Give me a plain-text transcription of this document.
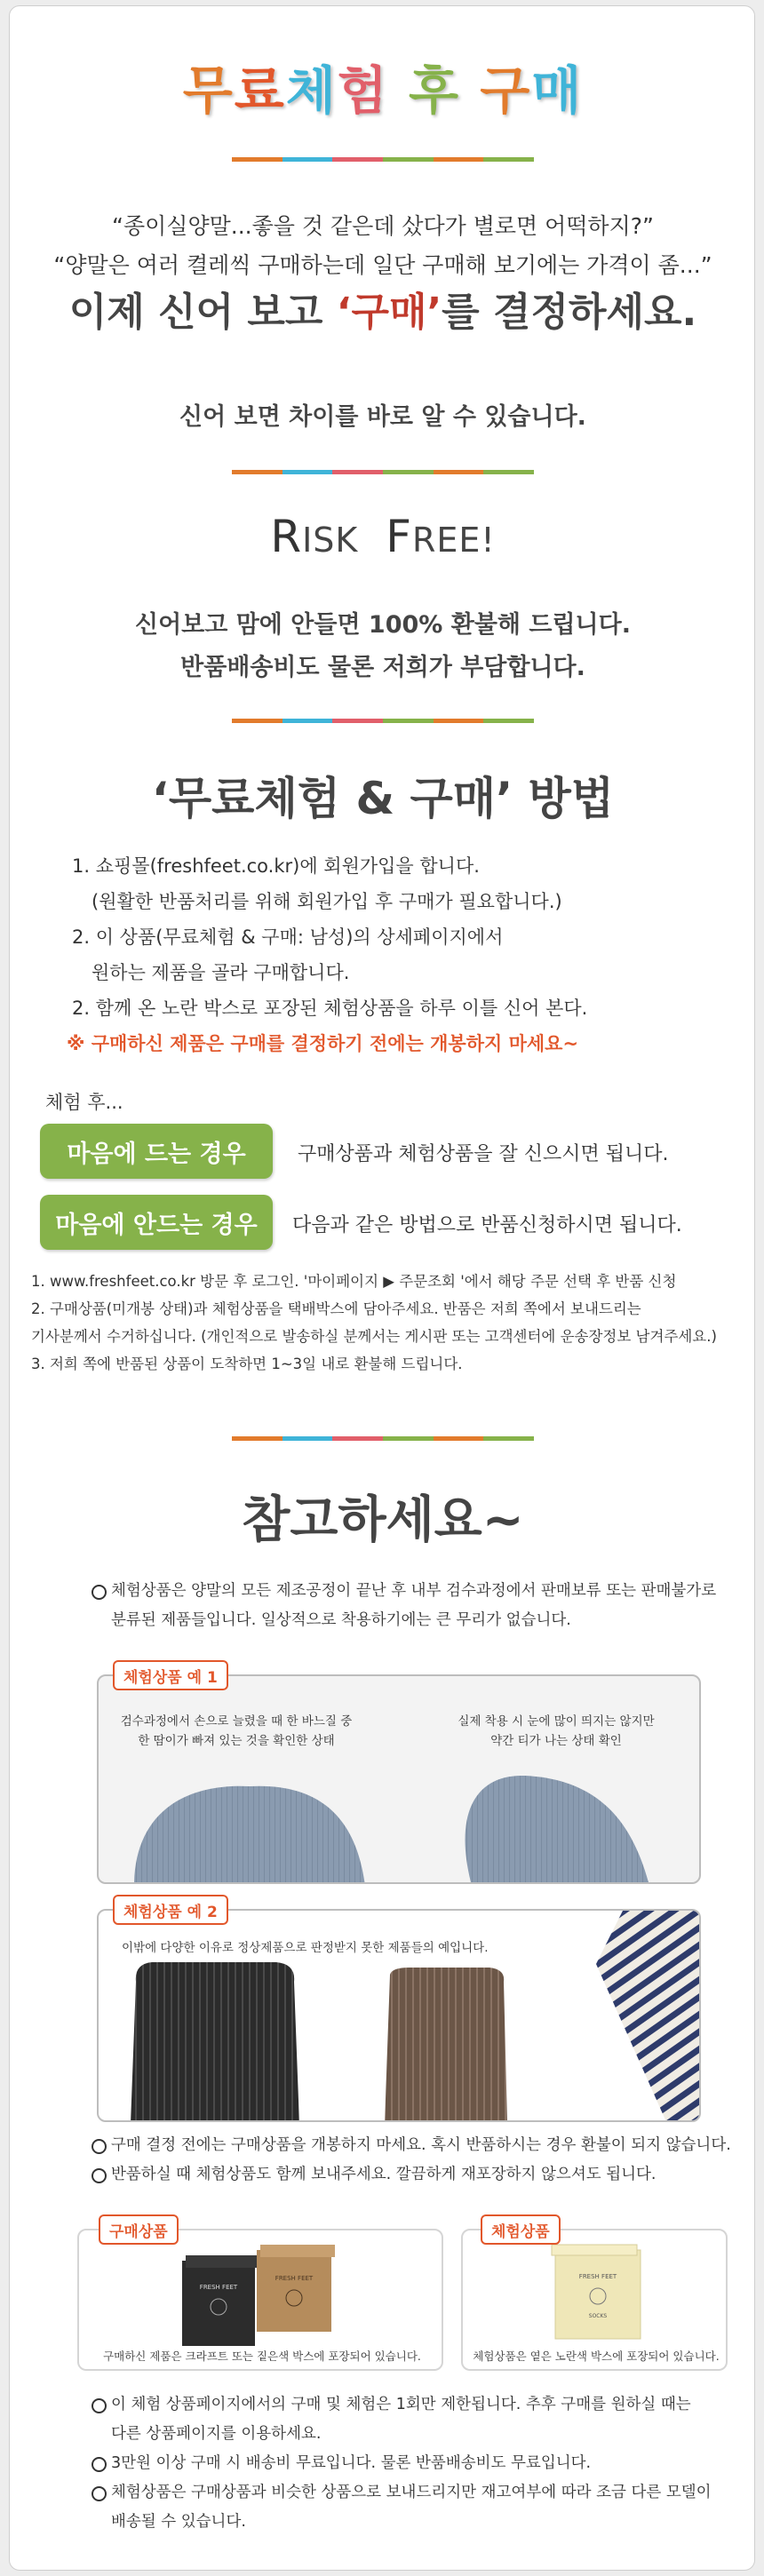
무료체험 후 구매
“종이실양말...좋을 것 같은데 샀다가 별로면 어떡하지?”
“양말은 여러 켤레씩 구매하는데 일단 구매해 보기에는 가격이 좀...”
이제 신어 보고 ‘구매’를 결정하세요.
신어 보면 차이를 바로 알 수 있습니다.
RISK FREE!
신어보고 맘에 안들면 100% 환불해 드립니다.
반품배송비도 물론 저희가 부담합니다.
‘무료체험 & 구매’ 방법
1. 쇼핑몰(freshfeet.co.kr)에 회원가입을 합니다.
(원활한 반품처리를 위해 회원가입 후 구매가 필요합니다.)
2. 이 상품(무료체험 & 구매: 남성)의 상세페이지에서
원하는 제품을 골라 구매합니다.
2. 함께 온 노란 박스로 포장된 체험상품을 하루 이틀 신어 본다.
※ 구매하신 제품은 구매를 결정하기 전에는 개봉하지 마세요~
체험 후...
마음에 드는 경우	구매상품과 체험상품을 잘 신으시면 됩니다.
마음에 안드는 경우	다음과 같은 방법으로 반품신청하시면 됩니다.
1. www.freshfeet.co.kr 방문 후 로그인. '마이페이지 ▶ 주문조회 '에서 해당 주문 선택 후 반품 신청
2. 구매상품(미개봉 상태)과 체험상품을 택배박스에 담아주세요. 반품은 저희 쪽에서 보내드리는
기사분께서 수거하십니다. (개인적으로 발송하실 분께서는 게시판 또는 고객센터에 운송장정보 남겨주세요.)
3. 저희 쪽에 반품된 상품이 도착하면 1~3일 내로 환불해 드립니다.
참고하세요~
체험상품은 양말의 모든 제조공정이 끝난 후 내부 검수과정에서 판매보류 또는 판매불가로
분류된 제품들입니다. 일상적으로 착용하기에는 큰 무리가 없습니다.
체험상품 예 1
검수과정에서 손으로 늘렸을 때 한 바느질 중
한 땀이가 빠져 있는 것을 확인한 상태
실제 착용 시 눈에 많이 띄지는 않지만
약간 티가 나는 상태 확인
체험상품 예 2
이밖에 다양한 이유로 정상제품으로 판정받지 못한 제품들의 예입니다.
구매 결정 전에는 구매상품을 개봉하지 마세요. 혹시 반품하시는 경우 환불이 되지 않습니다.
반품하실 때 체험상품도 함께 보내주세요. 깔끔하게 재포장하지 않으셔도 됩니다.
구매상품
FRESH FEET
FRESH FEET
구매하신 제품은 크라프트 또는 짙은색 박스에 포장되어 있습니다.
체험상품
FRESH FEET
SOCKS
체험상품은 옅은 노란색 박스에 포장되어 있습니다.
이 체험 상품페이지에서의 구매 및 체험은 1회만 제한됩니다. 추후 구매를 원하실 때는
다른 상품페이지를 이용하세요.
3만원 이상 구매 시 배송비 무료입니다. 물론 반품배송비도 무료입니다.
체험상품은 구매상품과 비슷한 상품으로 보내드리지만 재고여부에 따라 조금 다른 모델이
배송될 수 있습니다.
